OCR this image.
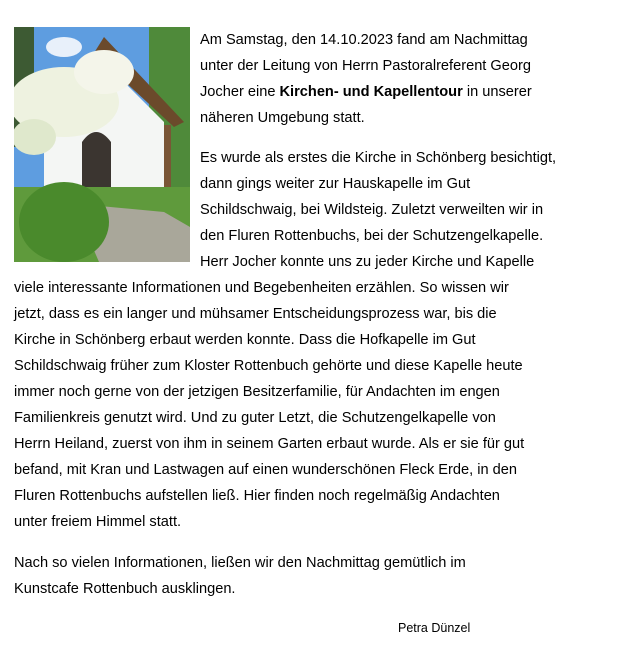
Am Samstag, den 14.10.2023 fand am Nachmittag
unter der Leitung von Herrn Pastoralreferent Georg
Jocher eine Kirchen- und Kapellentour in unserer
näheren Umgebung statt.
Es wurde als erstes die Kirche in Schönberg besichtigt,
dann gings weiter zur Hauskapelle im Gut
Schildschwaig, bei Wildsteig. Zuletzt verweilten wir in
den Fluren Rottenbuchs, bei der Schutzengelkapelle.
Herr Jocher konnte uns zu jeder Kirche und Kapelle
viele interessante Informationen und Begebenheiten erzählen. So wissen wir
jetzt, dass es ein langer und mühsamer Entscheidungsprozess war, bis die
Kirche in Schönberg erbaut werden konnte. Dass die Hofkapelle im Gut
Schildschwaig früher zum Kloster Rottenbuch gehörte und diese Kapelle heute
immer noch gerne von der jetzigen Besitzerfamilie, für Andachten im engen
Familienkreis genutzt wird. Und zu guter Letzt, die Schutzengelkapelle von
Herrn Heiland, zuerst von ihm in seinem Garten erbaut wurde. Als er sie für gut
befand, mit Kran und Lastwagen auf einen wunderschönen Fleck Erde, in den
Fluren Rottenbuchs aufstellen ließ. Hier finden noch regelmäßig Andachten
unter freiem Himmel statt.
Nach so vielen Informationen, ließen wir den Nachmittag gemütlich im
Kunstcafe Rottenbuch ausklingen.
Petra Dünzel
